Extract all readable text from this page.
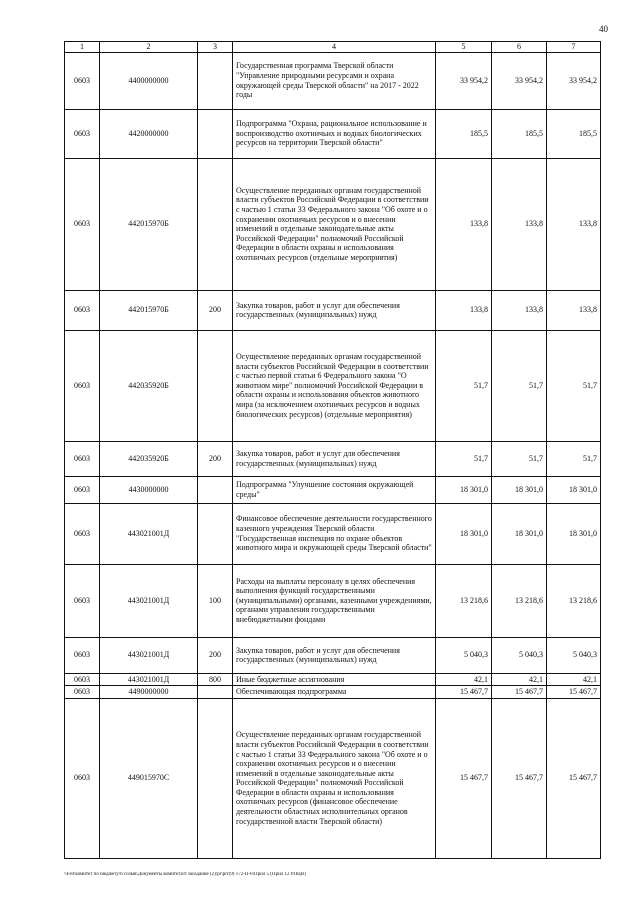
40
1	2	3	4	5	6	7
0603	4400000000		Государственная программа Тверской области "Управление природными ресурсами и охрана окружающей среды Тверской области" на 2017 - 2022 годы	33 954,2	33 954,2	33 954,2
0603	4420000000		Подпрограмма "Охрана, рациональное использование и воспроизводство охотничьих и водных биологических ресурсов на территории Тверской области"	185,5	185,5	185,5
0603	442015970Б		Осуществление переданных органам государственной власти субъектов Российской Федерации в соответствии с частью 1 статьи 33 Федерального закона "Об охоте и о сохранении охотничьих ресурсов и о внесении изменений в отдельные законодательные акты Российской Федерации" полномочий Российской Федерации в области охраны и использования охотничьих ресурсов (отдельные мероприятия)	133,8	133,8	133,8
0603	442015970Б	200	Закупка товаров, работ и услуг для обеспечения государственных (муниципальных) нужд	133,8	133,8	133,8
0603	442035920Б		Осуществление переданных органам государственной власти субъектов Российской Федерации в соответствии с частью первой статьи 6 Федерального закона "О животном мире" полномочий Российской Федерации в области охраны и использования объектов животного мира (за исключением охотничьих ресурсов и водных биологических ресурсов) (отдельные мероприятия)	51,7	51,7	51,7
0603	442035920Б	200	Закупка товаров, работ и услуг для обеспечения государственных (муниципальных) нужд	51,7	51,7	51,7
0603	4430000000		Подпрограмма "Улучшение состояния окружающей среды"	18 301,0	18 301,0	18 301,0
0603	443021001Д		Финансовое обеспечение деятельности государственного казенного учреждения Тверской области "Государственная инспекция по охране объектов животного мира и окружающей среды Тверской области"	18 301,0	18 301,0	18 301,0
0603	443021001Д	100	Расходы на выплаты персоналу в целях обеспечения выполнения функций государственными (муниципальными) органами, казенными учреждениями, органами управления государственными внебюджетными фондами	13 218,6	13 218,6	13 218,6
0603	443021001Д	200	Закупка товаров, работ и услуг для обеспечения государственных (муниципальных) нужд	5 040,3	5 040,3	5 040,3
0603	443021001Д	800	Иные бюджетные ассигнования	42,1	42,1	42,1
0603	4490000000		Обеспечивающая подпрограмма	15 467,7	15 467,7	15 467,7
0603	449015970С		Осуществление переданных органам государственной власти субъектов Российской Федерации в соответствии с частью 1 статьи 33 Федерального закона "Об охоте и о сохранении охотничьих ресурсов и о внесении изменений в отдельные законодательные акты Российской Федерации" полномочий Российской Федерации в области охраны и использования охотничьих ресурсов (финансовое обеспечение деятельности областных исполнительных органов государственной власти Тверской области)	15 467,7	15 467,7	15 467,7
\\Fs0\комитет по бюджету\6 созыв\Документы комитета\9 заседание (2)\pr\prr(9) 172-П-6\Прил 5 (Прил 12 РПЦВ)
